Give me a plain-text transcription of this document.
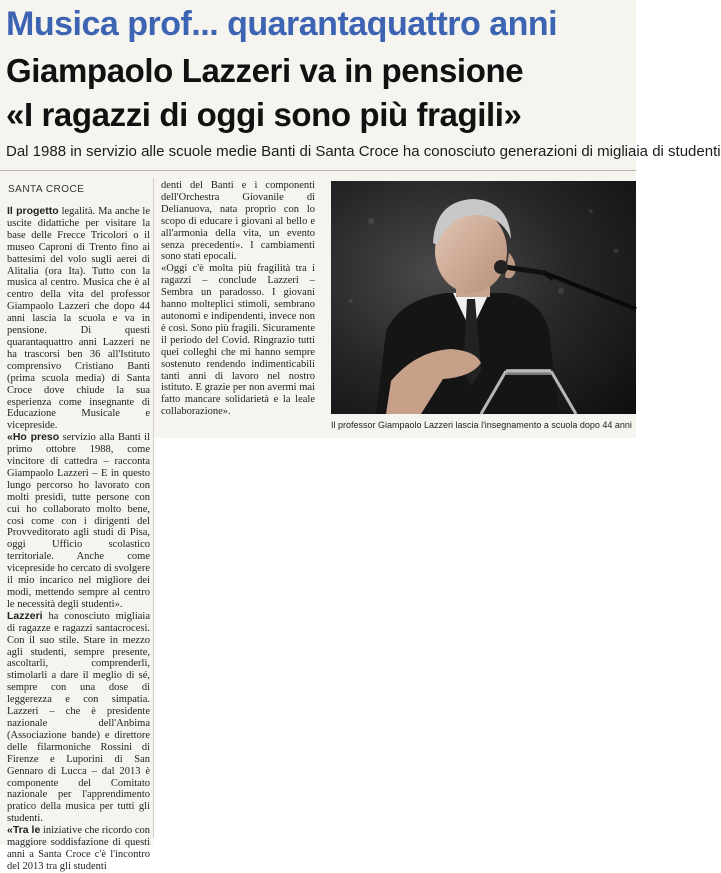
Musica prof... quarantaquattro anni
Giampaolo Lazzeri va in pensione
«I ragazzi di oggi sono più fragili»
Dal 1988 in servizio alle scuole medie Banti di Santa Croce ha conosciuto generazioni di migliaia di studenti
SANTA CROCE

Il progetto legalità. Ma anche le uscite didattiche per visitare la base delle Frecce Tricolori o il museo Caproni di Trento fino ai battesimi del volo sugli aerei di Alitalia (ora Ita). Tutto con la musica al centro. Musica che è al centro della vita del professor Giampaolo Lazzeri che dopo 44 anni lascia la scuola e va in pensione. Di questi quarantaquattro anni Lazzeri ne ha trascorsi ben 36 all'Istituto comprensivo Cristiano Banti (prima scuola media) di Santa Croce dove chiude la sua esperienza come insegnante di Educazione Musicale e vicepreside.

«Ho preso servizio alla Banti il primo ottobre 1988, come vincitore di cattedra – racconta Giampaolo Lazzeri – E in questo lungo percorso ho lavorato con molti presidi, tutte persone con cui ho collaborato molto bene, così come con i dirigenti del Provveditorato agli studi di Pisa, oggi Ufficio scolastico territoriale. Anche come vicepreside ho cercato di svolgere il mio incarico nel migliore dei modi, mettendo sempre al centro le necessità degli studenti».

Lazzeri ha conosciuto migliaia di ragazze e ragazzi santacrocesi. Con il suo stile. Stare in mezzo agli studenti, sempre presente, ascoltarli, comprenderli, stimolarli a dare il meglio di sé, sempre con una dose di leggerezza e con simpatia. Lazzeri – che è presidente nazionale dell'Anbima (Associazione bande) e direttore delle filarmoniche Rossini di Firenze e Luporini di San Gennaro di Lucca – dal 2013 è componente del Comitato nazionale per l'apprendimento pratico della musica per tutti gli studenti.

«Tra le iniziative che ricordo con maggiore soddisfazione di questi anni a Santa Croce c'è l'incontro del 2013 tra gli studenti

denti del Banti e i componenti dell'Orchestra Giovanile di Delianuova, nata proprio con lo scopo di educare i giovani al bello e all'armonia della vita, un evento senza precedenti». I cambiamenti sono stati epocali.

«Oggi c'è molta più fragilità tra i ragazzi – conclude Lazzeri – Sembra un paradosso. I giovani hanno molteplici stimoli, sembrano autonomi e indipendenti, invece non è così. Sono più fragili. Sicuramente il periodo del Covid. Ringrazio tutti quei colleghi che mi hanno sempre sostenuto rendendo indimenticabili tanti anni di lavoro nel nostro istituto. E grazie per non avermi mai fatto mancare solidarietà e la leale collaborazione».

Il professor Giampaolo Lazzeri lascia l'insegnamento a scuola dopo 44 anni
